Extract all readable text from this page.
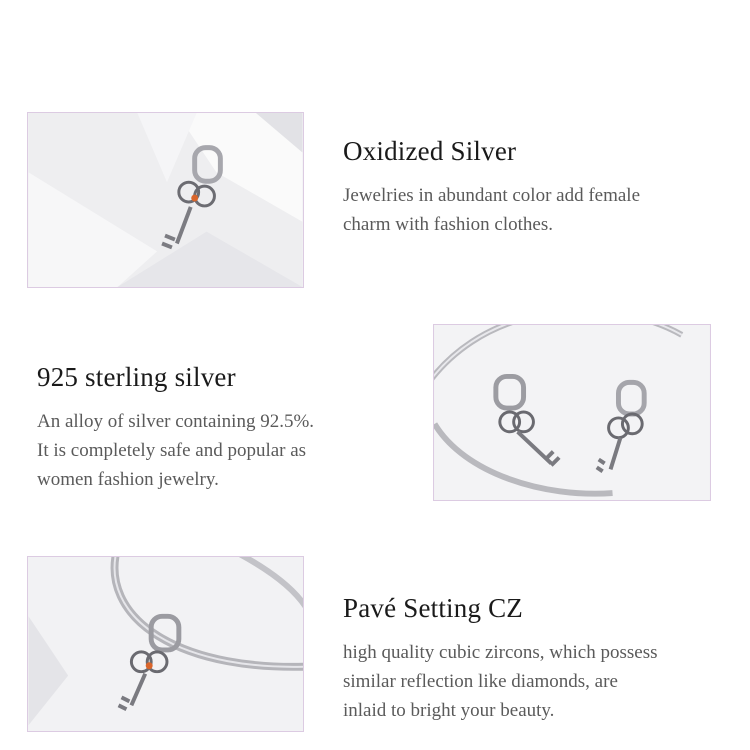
Oxidized Silver

Jewelries in abundant color add female
charm with fashion clothes.

925 sterling silver

An alloy of silver containing 92.5%.
It is completely safe and popular as
women fashion jewelry.

Pavé Setting CZ

high quality cubic zircons, which possess
similar reflection like diamonds, are
inlaid to bright your beauty.
